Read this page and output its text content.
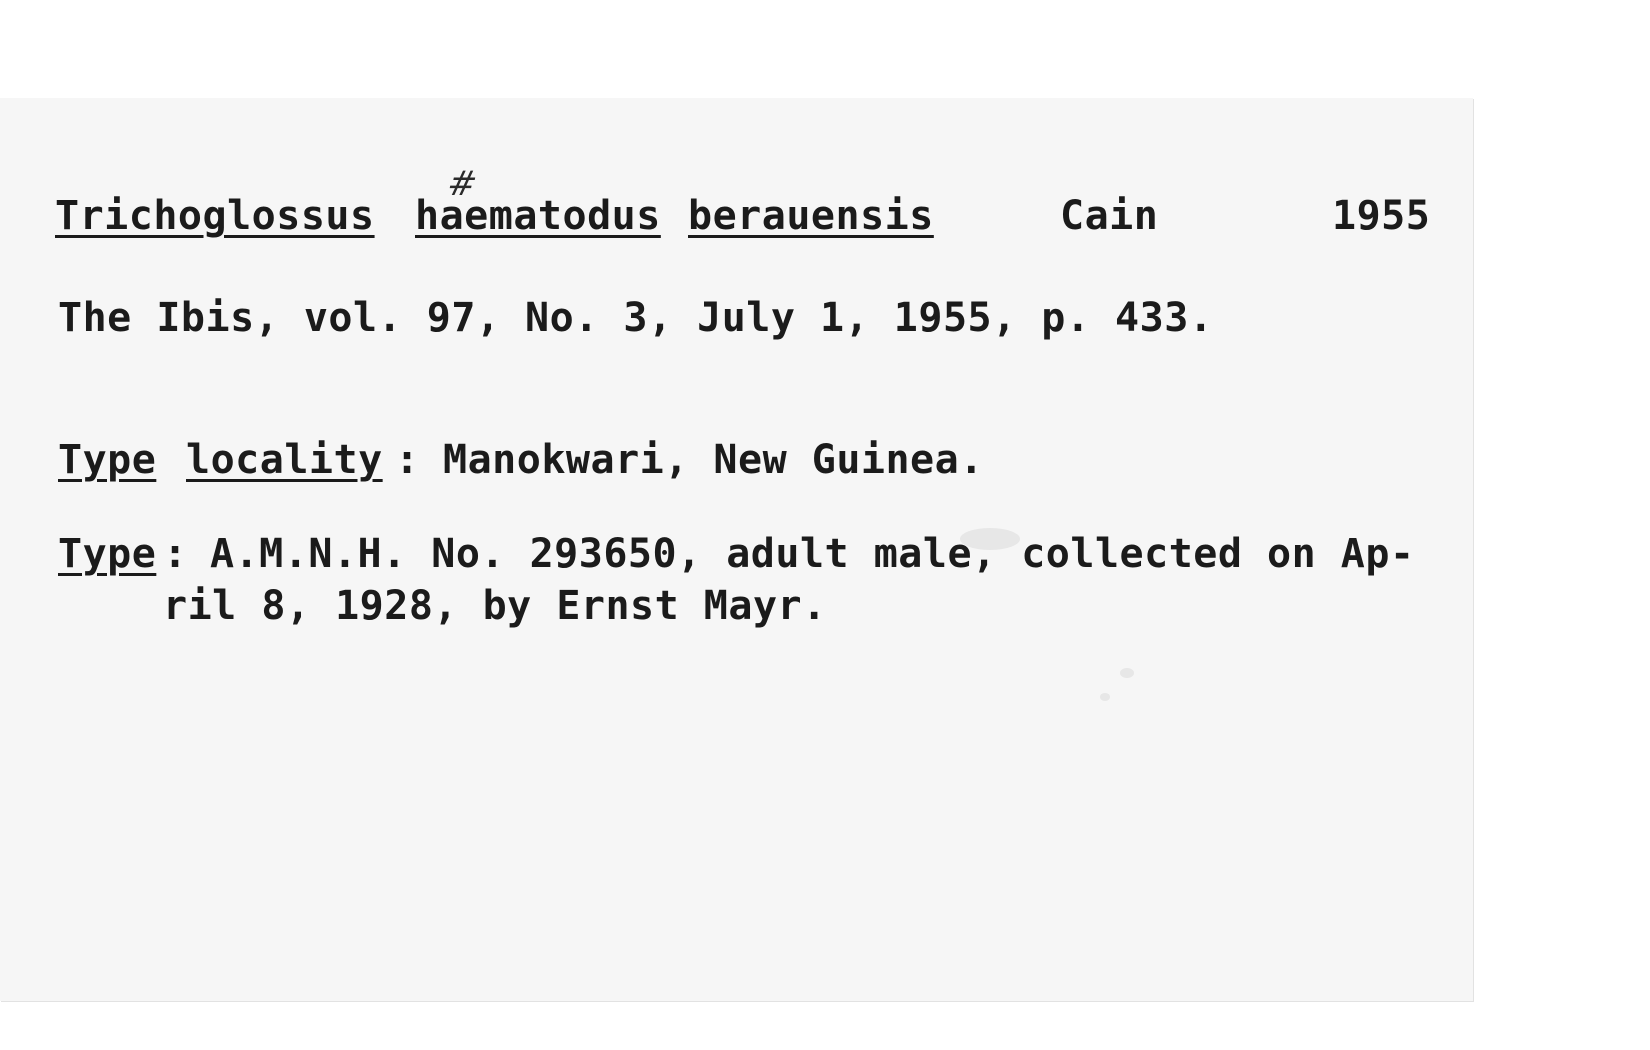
Trichoglossus haematodus
#
berauensis	Cain	1955
The Ibis, vol. 97, No. 3, July 1, 1955, p. 433.
Type locality : Manokwari, New Guinea.
Type : A.M.N.H. No. 293650, adult male, collected on Ap-
ril 8, 1928, by Ernst Mayr.
